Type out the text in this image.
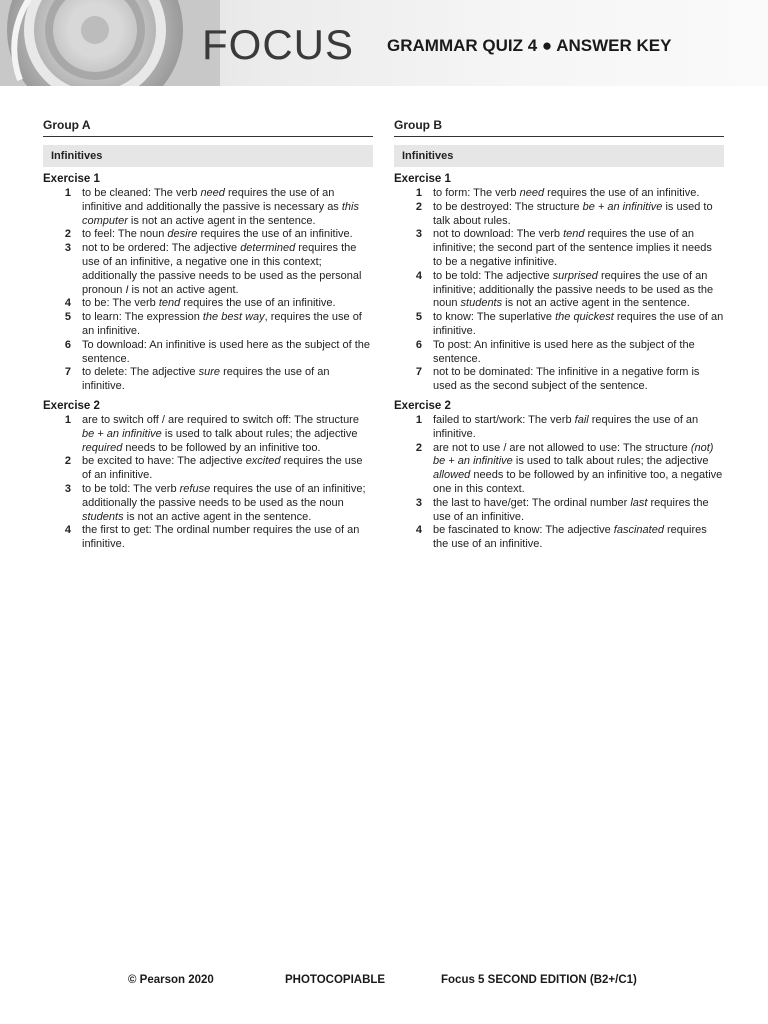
FOCUS GRAMMAR QUIZ 4 ● ANSWER KEY
Group A
Infinitives
Exercise 1
1 to be cleaned: The verb need requires the use of an infinitive and additionally the passive is necessary as this computer is not an active agent in the sentence.
2 to feel: The noun desire requires the use of an infinitive.
3 not to be ordered: The adjective determined requires the use of an infinitive, a negative one in this context; additionally the passive needs to be used as the personal pronoun I is not an active agent.
4 to be: The verb tend requires the use of an infinitive.
5 to learn: The expression the best way, requires the use of an infinitive.
6 To download: An infinitive is used here as the subject of the sentence.
7 to delete: The adjective sure requires the use of an infinitive.
Exercise 2
1 are to switch off / are required to switch off: The structure be + an infinitive is used to talk about rules; the adjective required needs to be followed by an infinitive too.
2 be excited to have: The adjective excited requires the use of an infinitive.
3 to be told: The verb refuse requires the use of an infinitive; additionally the passive needs to be used as the noun students is not an active agent in the sentence.
4 the first to get: The ordinal number requires the use of an infinitive.
Group B
Infinitives
Exercise 1
1 to form: The verb need requires the use of an infinitive.
2 to be destroyed: The structure be + an infinitive is used to talk about rules.
3 not to download: The verb tend requires the use of an infinitive; the second part of the sentence implies it needs to be a negative infinitive.
4 to be told: The adjective surprised requires the use of an infinitive; additionally the passive needs to be used as the noun students is not an active agent in the sentence.
5 to know: The superlative the quickest requires the use of an infinitive.
6 To post: An infinitive is used here as the subject of the sentence.
7 not to be dominated: The infinitive in a negative form is used as the second subject of the sentence.
Exercise 2
1 failed to start/work: The verb fail requires the use of an infinitive.
2 are not to use / are not allowed to use: The structure (not) be + an infinitive is used to talk about rules; the adjective allowed needs to be followed by an infinitive too, a negative one in this context.
3 the last to have/get: The ordinal number last requires the use of an infinitive.
4 be fascinated to know: The adjective fascinated requires the use of an infinitive.
© Pearson 2020	PHOTOCOPIABLE	Focus 5 SECOND EDITION (B2+/C1)
